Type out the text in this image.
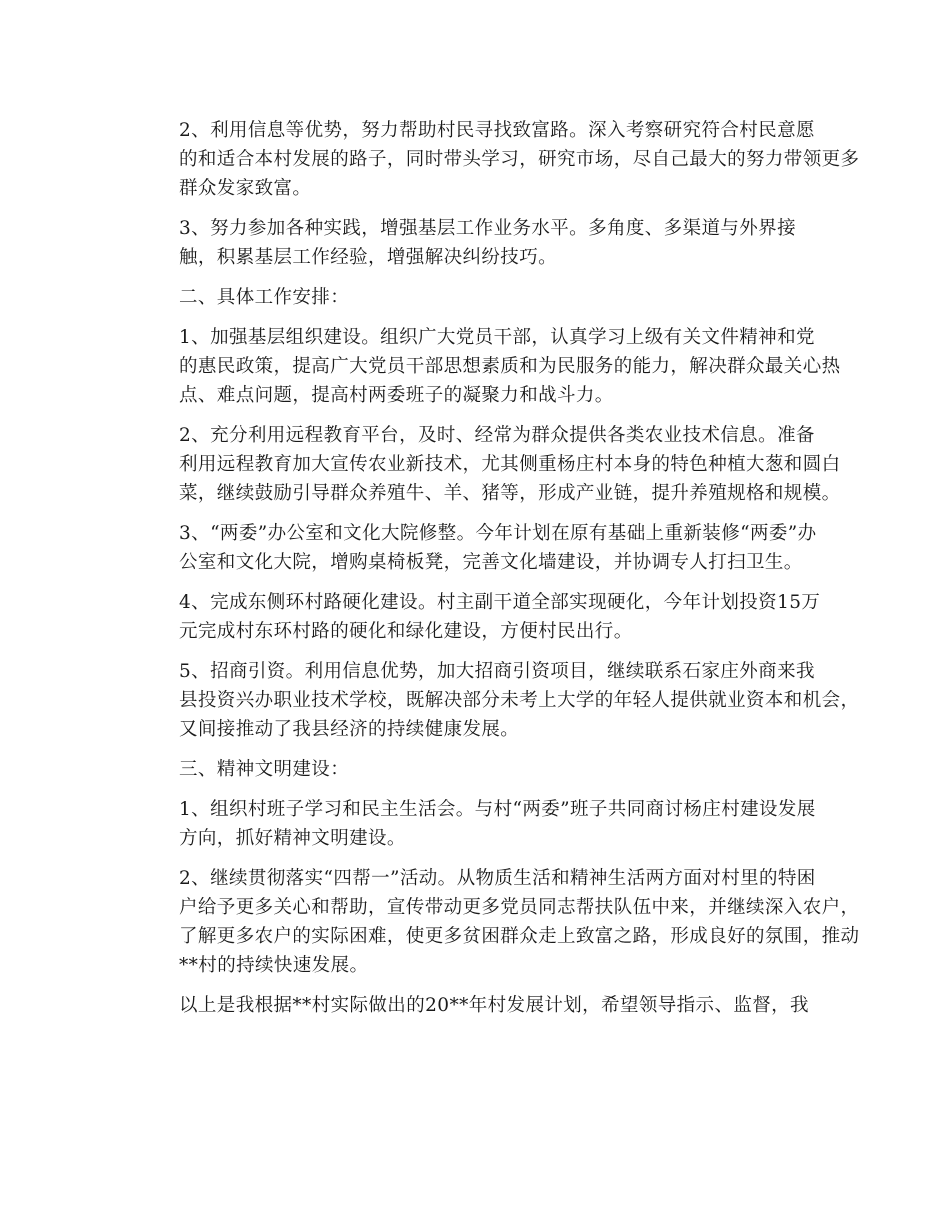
2、利用信息等优势，努力帮助村民寻找致富路。深入考察研究符合村民意愿
的和适合本村发展的路子，同时带头学习，研究市场，尽自己最大的努力带领更多
群众发家致富。
3、努力参加各种实践，增强基层工作业务水平。多角度、多渠道与外界接
触，积累基层工作经验，增强解决纠纷技巧。
二、具体工作安排：
1、加强基层组织建设。组织广大党员干部，认真学习上级有关文件精神和党
的惠民政策，提高广大党员干部思想素质和为民服务的能力，解决群众最关心热
点、难点问题，提高村两委班子的凝聚力和战斗力。
2、充分利用远程教育平台，及时、经常为群众提供各类农业技术信息。准备
利用远程教育加大宣传农业新技术，尤其侧重杨庄村本身的特色种植大葱和圆白
菜，继续鼓励引导群众养殖牛、羊、猪等，形成产业链，提升养殖规格和规模。
3、“两委”办公室和文化大院修整。今年计划在原有基础上重新装修“两委”办
公室和文化大院，增购桌椅板凳，完善文化墙建设，并协调专人打扫卫生。
4、完成东侧环村路硬化建设。村主副干道全部实现硬化，今年计划投资15万
元完成村东环村路的硬化和绿化建设，方便村民出行。
5、招商引资。利用信息优势，加大招商引资项目，继续联系石家庄外商来我
县投资兴办职业技术学校，既解决部分未考上大学的年轻人提供就业资本和机会，
又间接推动了我县经济的持续健康发展。
三、精神文明建设：
1、组织村班子学习和民主生活会。与村“两委”班子共同商讨杨庄村建设发展
方向，抓好精神文明建设。
2、继续贯彻落实“四帮一”活动。从物质生活和精神生活两方面对村里的特困
户给予更多关心和帮助，宣传带动更多党员同志帮扶队伍中来，并继续深入农户，
了解更多农户的实际困难，使更多贫困群众走上致富之路，形成良好的氛围，推动
**村的持续快速发展。
以上是我根据**村实际做出的20**年村发展计划，希望领导指示、监督，我
